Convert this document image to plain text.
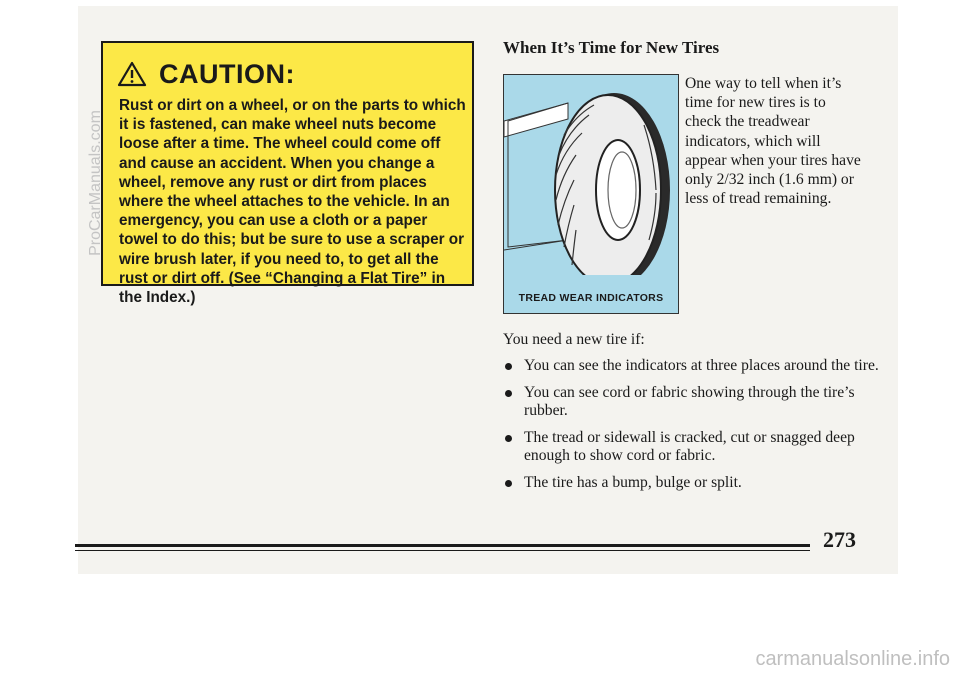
CAUTION:
Rust or dirt on a wheel, or on the parts to which it is fastened, can make wheel nuts become loose after a time. The wheel could come off and cause an accident. When you change a wheel, remove any rust or dirt from places where the wheel attaches to the vehicle. In an emergency, you can use a cloth or a paper towel to do this; but be sure to use a scraper or wire brush later, if you need to, to get all the rust or dirt off. (See “Changing a Flat Tire” in the Index.)
When It’s Time for New Tires
TREAD WEAR INDICATORS
One way to tell when it’s time for new tires is to check the treadwear indicators, which will appear when your tires have only 2/32 inch (1.6 mm) or less of tread remaining.
You need a new tire if:
You can see the indicators at three places around the tire.
You can see cord or fabric showing through the tire’s rubber.
The tread or sidewall is cracked, cut or snagged deep enough to show cord or fabric.
The tire has a bump, bulge or split.
273
ProCarManuals.com
carmanualsonline.info
